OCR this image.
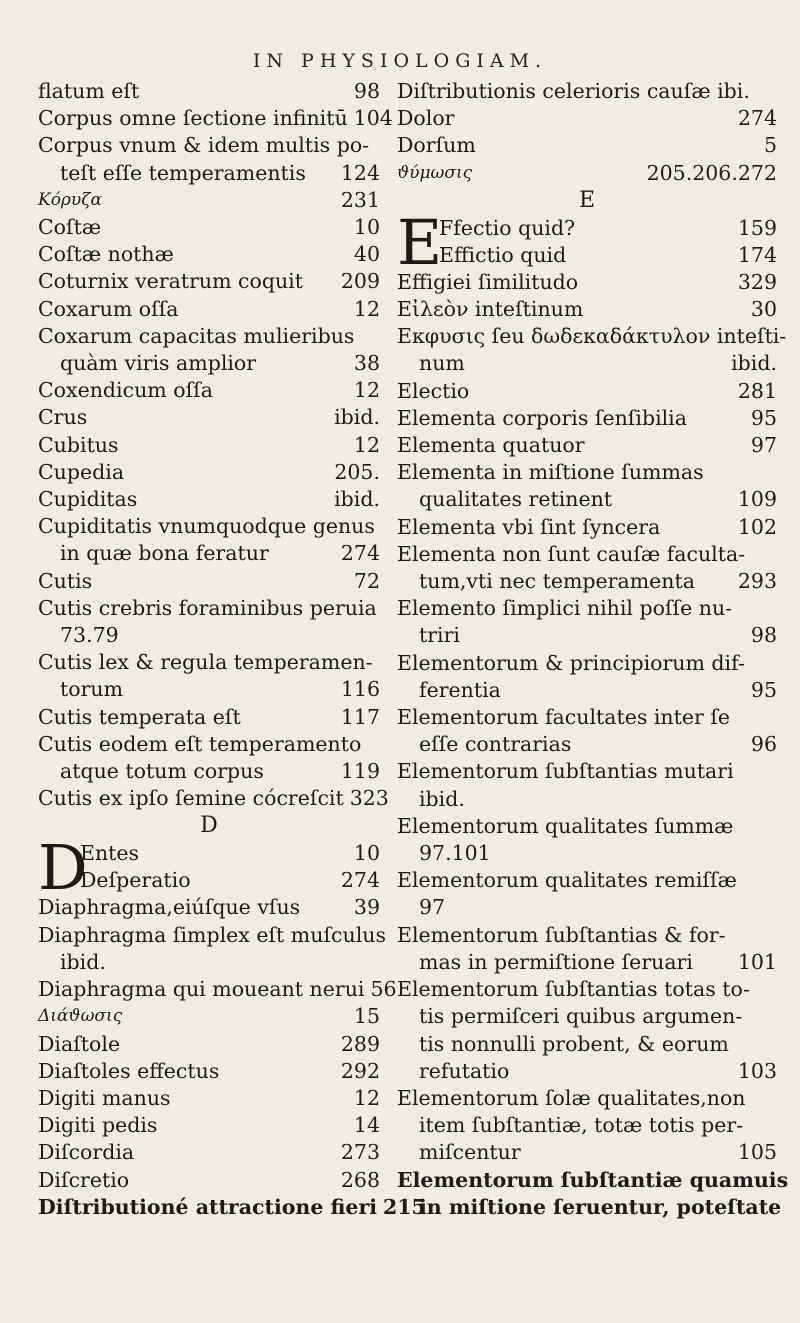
IN PHYSIOLOGIAM.
flatum eſt	98
Corpus omne ſectione infinitū 104
Corpus vnum & idem multis po-
teſt eſſe temperamentis	124
Κόρυζα	231
Coſtæ	10
Coſtæ nothæ	40
Coturnix veratrum coquit	209
Coxarum oſſa	12
Coxarum capacitas mulieribus
quàm viris amplior	38
Coxendicum oſſa	12
Crus	ibid.
Cubitus	12
Cupedia	205.
Cupiditas	ibid.
Cupiditatis vnumquodque genus
in quæ bona feratur	274
Cutis	72
Cutis crebris foraminibus peruia
73.79
Cutis lex & regula temperamen-
torum	116
Cutis temperata eſt	117
Cutis eodem eſt temperamento
atque totum corpus	119
Cutis ex ipſo ſemine cócreſcit 323
D
D
Entes	10
Deſperatio	274
Diaphragma,eiúſque vſus	39
Diaphragma ſimplex eſt muſculus
ibid.
Diaphragma qui moueant nerui 56
Διάϑωσις	15
Diaſtole	289
Diaſtoles effectus	292
Digiti manus	12
Digiti pedis	14
Diſcordia	273
Diſcretio	268
Diſtributioné attractione fieri 215
Diſtributionis celerioris cauſæ ibi.
Dolor	274
Dorſum	5
ϑύμωσις	205.206.272
E
E
Ffectio quid?	159
Effictio quid	174
Effigiei ſimilitudo	329
Εἰλεὸν inteſtinum	30
Εκφυσις ſeu δωδεκαδάκτυλον inteſti-
num	ibid.
Electio	281
Elementa corporis ſenſibilia	95
Elementa quatuor	97
Elementa in miſtione ſummas
qualitates retinent	109
Elementa vbi ſint ſyncera	102
Elementa non ſunt cauſæ faculta-
tum,vti nec temperamenta	293
Elemento ſimplici nihil poſſe nu-
triri	98
Elementorum & principiorum dif-
ferentia	95
Elementorum facultates inter ſe
eſſe contrarias	96
Elementorum ſubſtantias mutari
ibid.
Elementorum qualitates ſummæ
97.101
Elementorum qualitates remiſſæ
97
Elementorum ſubſtantias & for-
mas in permiſtione ſeruari	101
Elementorum ſubſtantias totas to-
tis permiſceri quibus argumen-
tis nonnulli probent, & eorum
refutatio	103
Elementorum ſolæ qualitates,non
item ſubſtantiæ, totæ totis per-
miſcentur	105
Elementorum ſubſtantiæ quamuis
in miſtione ſeruentur, poteſtate
